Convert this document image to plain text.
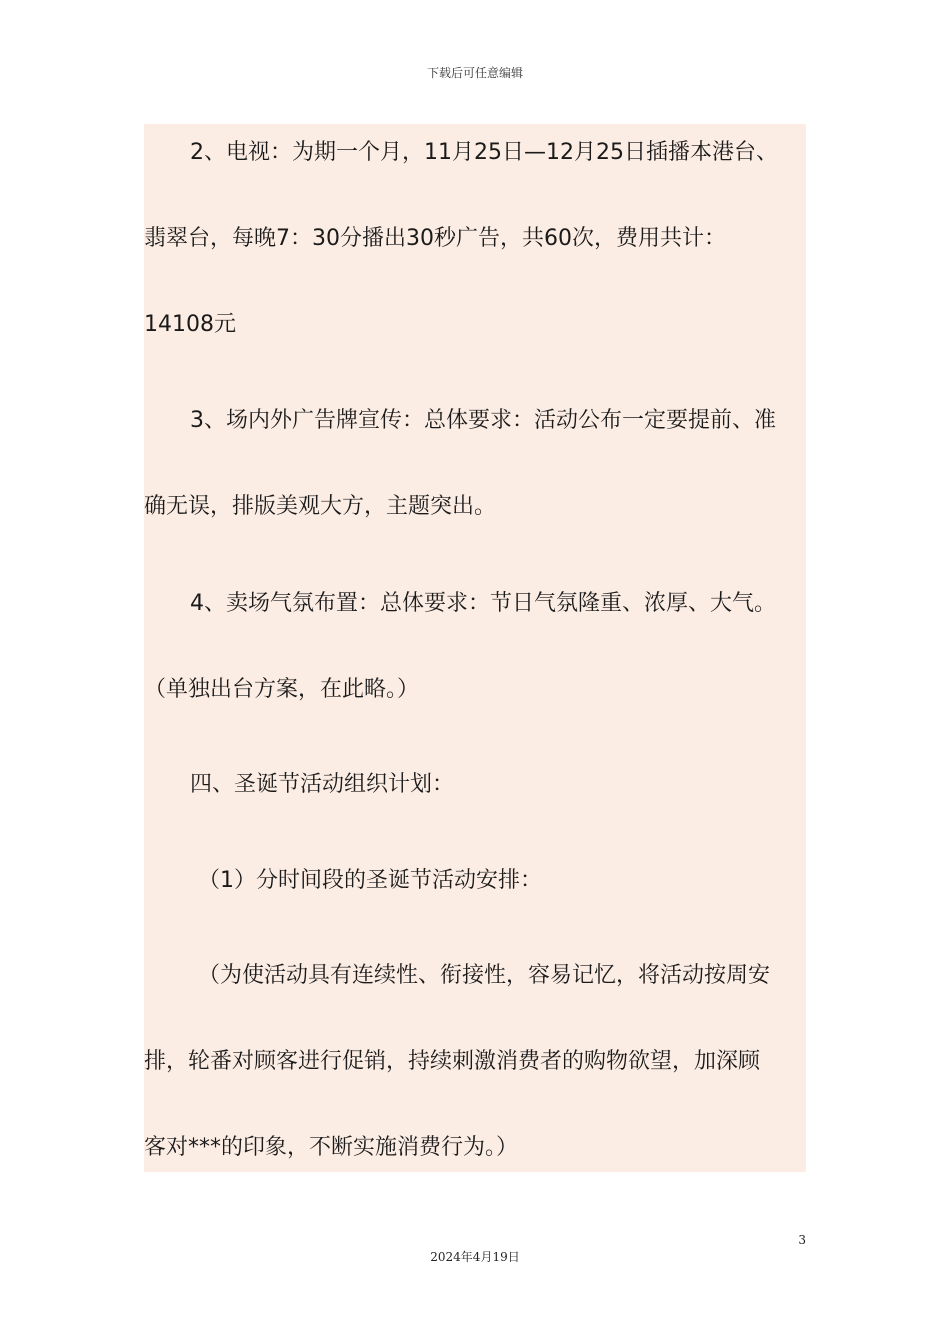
下载后可任意编辑
2、电视：为期一个月，11月25日—12月25日插播本港台、
翡翠台，每晚7：30分播出30秒广告，共60次，费用共计：
14108元
3、场内外广告牌宣传：总体要求：活动公布一定要提前、准
确无误，排版美观大方，主题突出。
4、卖场气氛布置：总体要求：节日气氛隆重、浓厚、大气。
（单独出台方案，在此略。）
四、圣诞节活动组织计划：
（1）分时间段的圣诞节活动安排：
（为使活动具有连续性、衔接性，容易记忆，将活动按周安
排，轮番对顾客进行促销，持续刺激消费者的购物欲望，加深顾
客对***的印象，不断实施消费行为。）
3
2024年4月19日
